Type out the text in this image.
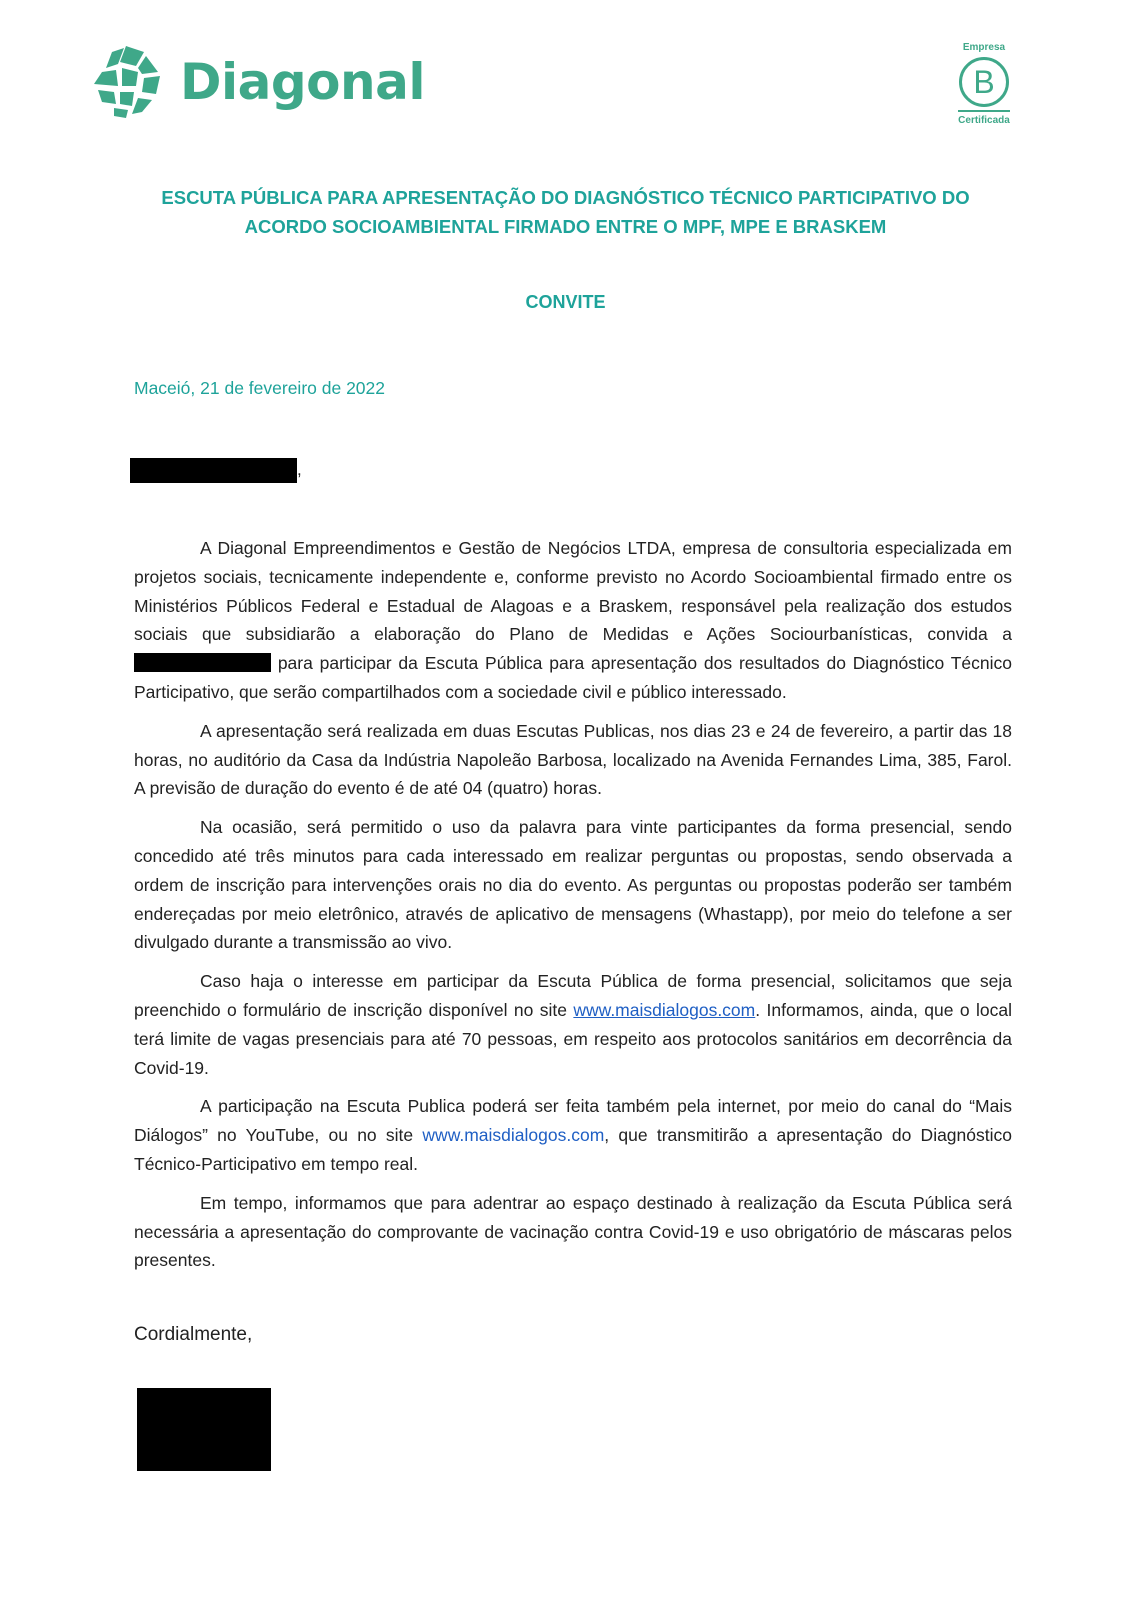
Diagonal
Empresa
B
Certificada
ESCUTA PÚBLICA PARA APRESENTAÇÃO DO DIAGNÓSTICO TÉCNICO PARTICIPATIVO DO ACORDO SOCIOAMBIENTAL FIRMADO ENTRE O MPF, MPE E BRASKEM
CONVITE
Maceió, 21 de fevereiro de 2022
,

A Diagonal Empreendimentos e Gestão de Negócios LTDA, empresa de consultoria especializada em projetos sociais, tecnicamente independente e, conforme previsto no Acordo Socioambiental firmado entre os Ministérios Públicos Federal e Estadual de Alagoas e a Braskem, responsável pela realização dos estudos sociais que subsidiarão a elaboração do Plano de Medidas e Ações Sociourbanísticas, convida a  para participar da Escuta Pública para apresentação dos resultados do Diagnóstico Técnico Participativo, que serão compartilhados com a sociedade civil e público interessado.

A apresentação será realizada em duas Escutas Publicas, nos dias 23 e 24 de fevereiro, a partir das 18 horas, no auditório da Casa da Indústria Napoleão Barbosa, localizado na Avenida Fernandes Lima, 385, Farol. A previsão de duração do evento é de até 04 (quatro) horas.

Na ocasião, será permitido o uso da palavra para vinte participantes da forma presencial, sendo concedido até três minutos para cada interessado em realizar perguntas ou propostas, sendo observada a ordem de inscrição para intervenções orais no dia do evento. As perguntas ou propostas poderão ser também endereçadas por meio eletrônico, através de aplicativo de mensagens (Whastapp), por meio do telefone a ser divulgado durante a transmissão ao vivo.

Caso haja o interesse em participar da Escuta Pública de forma presencial, solicitamos que seja preenchido o formulário de inscrição disponível no site www.maisdialogos.com. Informamos, ainda, que o local terá limite de vagas presenciais para até 70 pessoas, em respeito aos protocolos sanitários em decorrência da Covid-19.

A participação na Escuta Publica poderá ser feita também pela internet, por meio do canal do “Mais Diálogos” no YouTube, ou no site www.maisdialogos.com, que transmitirão a apresentação do Diagnóstico Técnico-Participativo em tempo real.

Em tempo, informamos que para adentrar ao espaço destinado à realização da Escuta Pública será necessária a apresentação do comprovante de vacinação contra Covid-19 e uso obrigatório de máscaras pelos presentes.

Cordialmente,
